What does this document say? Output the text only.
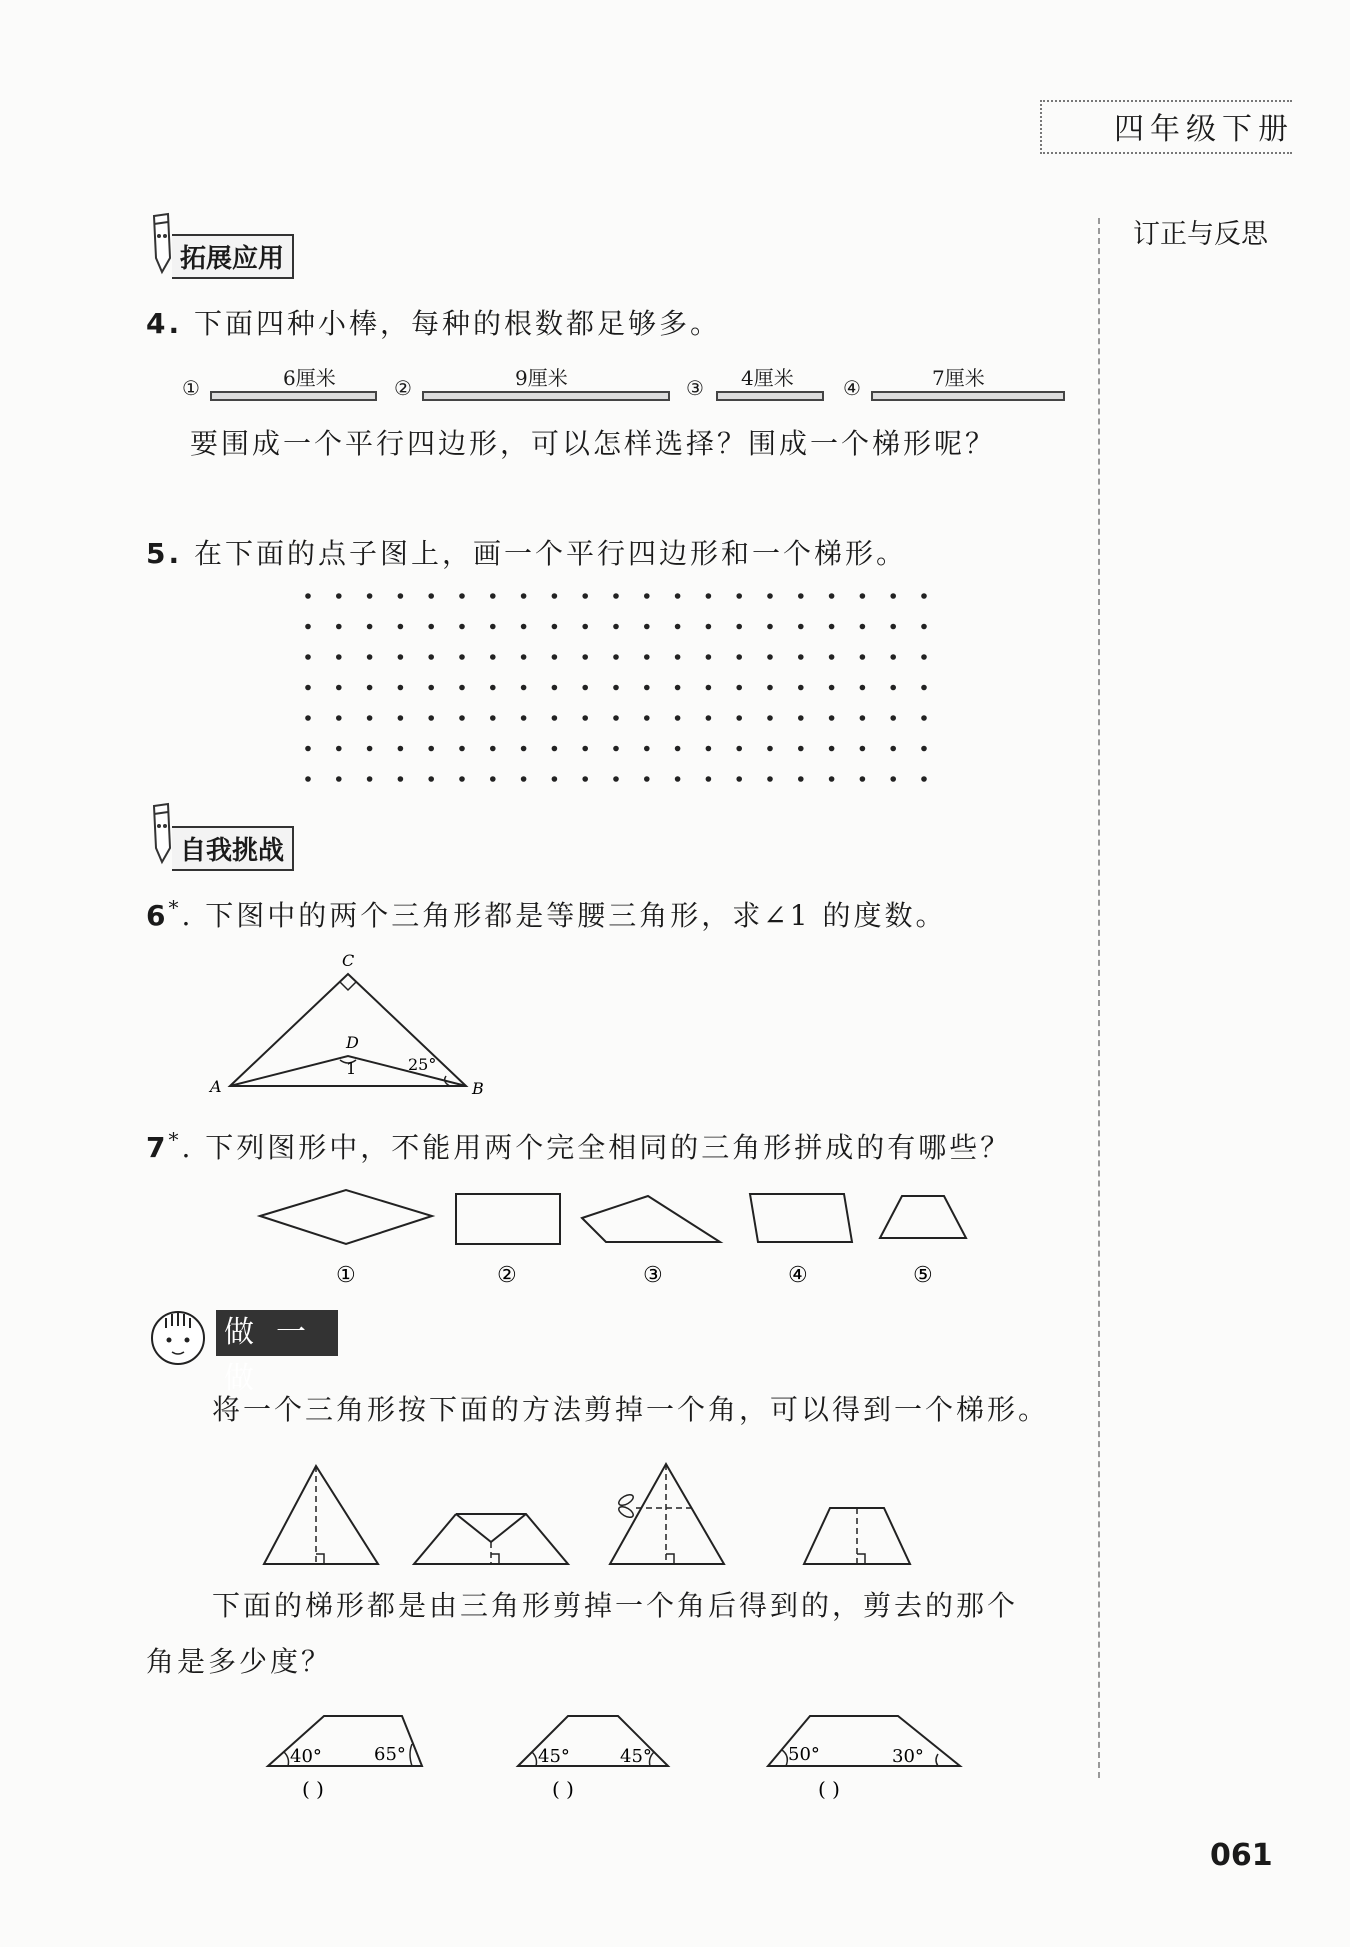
四年级下册
订正与反思
拓展应用
4. 下面四种小棒，每种的根数都足够多。
①	6厘米	②	9厘米	③ 4厘米 ④	7厘米
要围成一个平行四边形，可以怎样选择？围成一个梯形呢？
5. 在下面的点子图上，画一个平行四边形和一个梯形。
自我挑战
6*. 下图中的两个三角形都是等腰三角形，求∠1 的度数。
C
D
1	25°
A	B
7*. 下列图形中，不能用两个完全相同的三角形拼成的有哪些？
①	②	③	④	⑤
做一做
将一个三角形按下面的方法剪掉一个角，可以得到一个梯形。
下面的梯形都是由三角形剪掉一个角后得到的，剪去的那个
角是多少度？
40°	65°
( )
45°	45°
( )
50°	30°
( )
061
